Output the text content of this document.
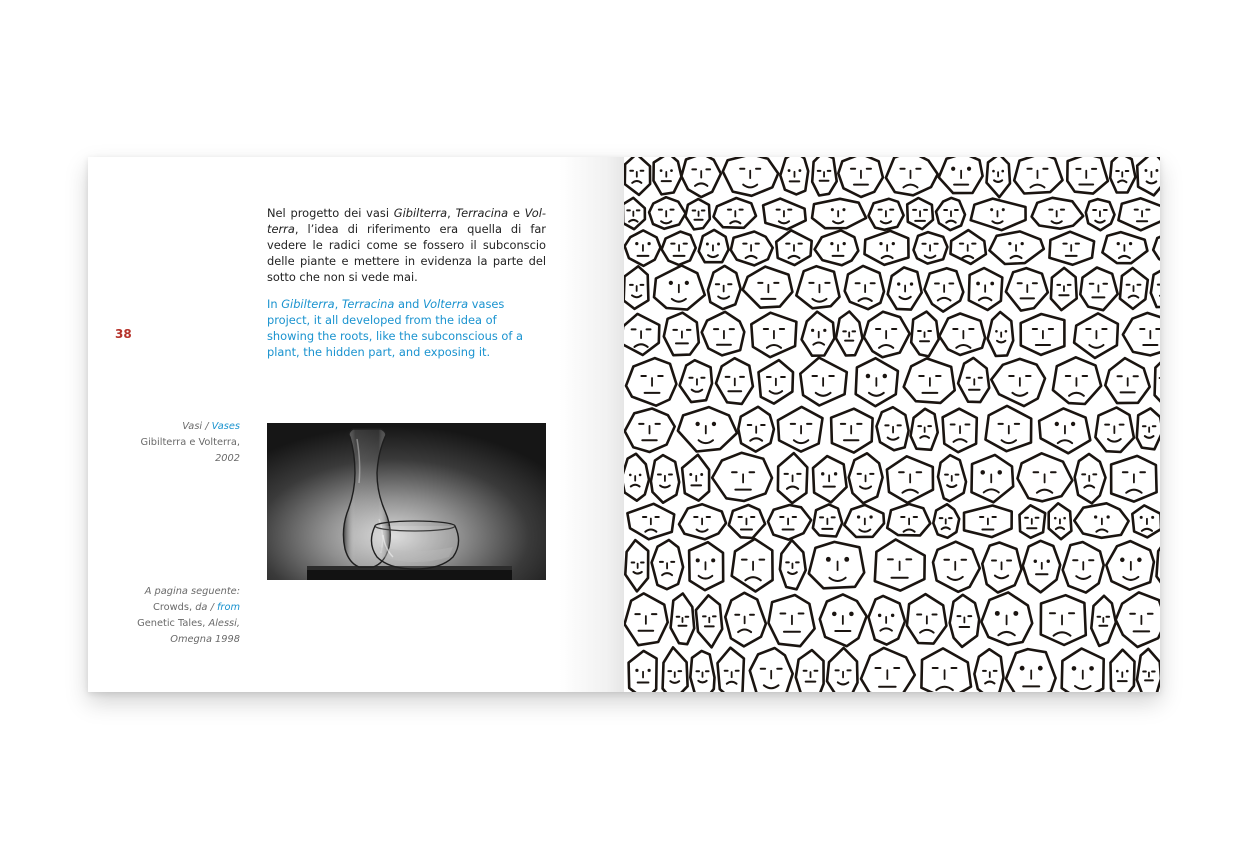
38

Nel progetto dei vasi Gibilterra, Terracina e Vol-terra, l’idea di riferimento era quella di far vedere le radici come se fossero il subconscio delle piante e mettere in evidenza la parte del sotto che non si vede mai.

In Gibilterra, Terracina and Volterra vases project, it all developed from the idea of showing the roots, like the subconscious of a plant, the hidden part, and exposing it.

Vasi / Vases
Gibilterra e Volterra,
2002
A pagina seguente:
Crowds, da / from
Genetic Tales, Alessi,
Omegna 1998
